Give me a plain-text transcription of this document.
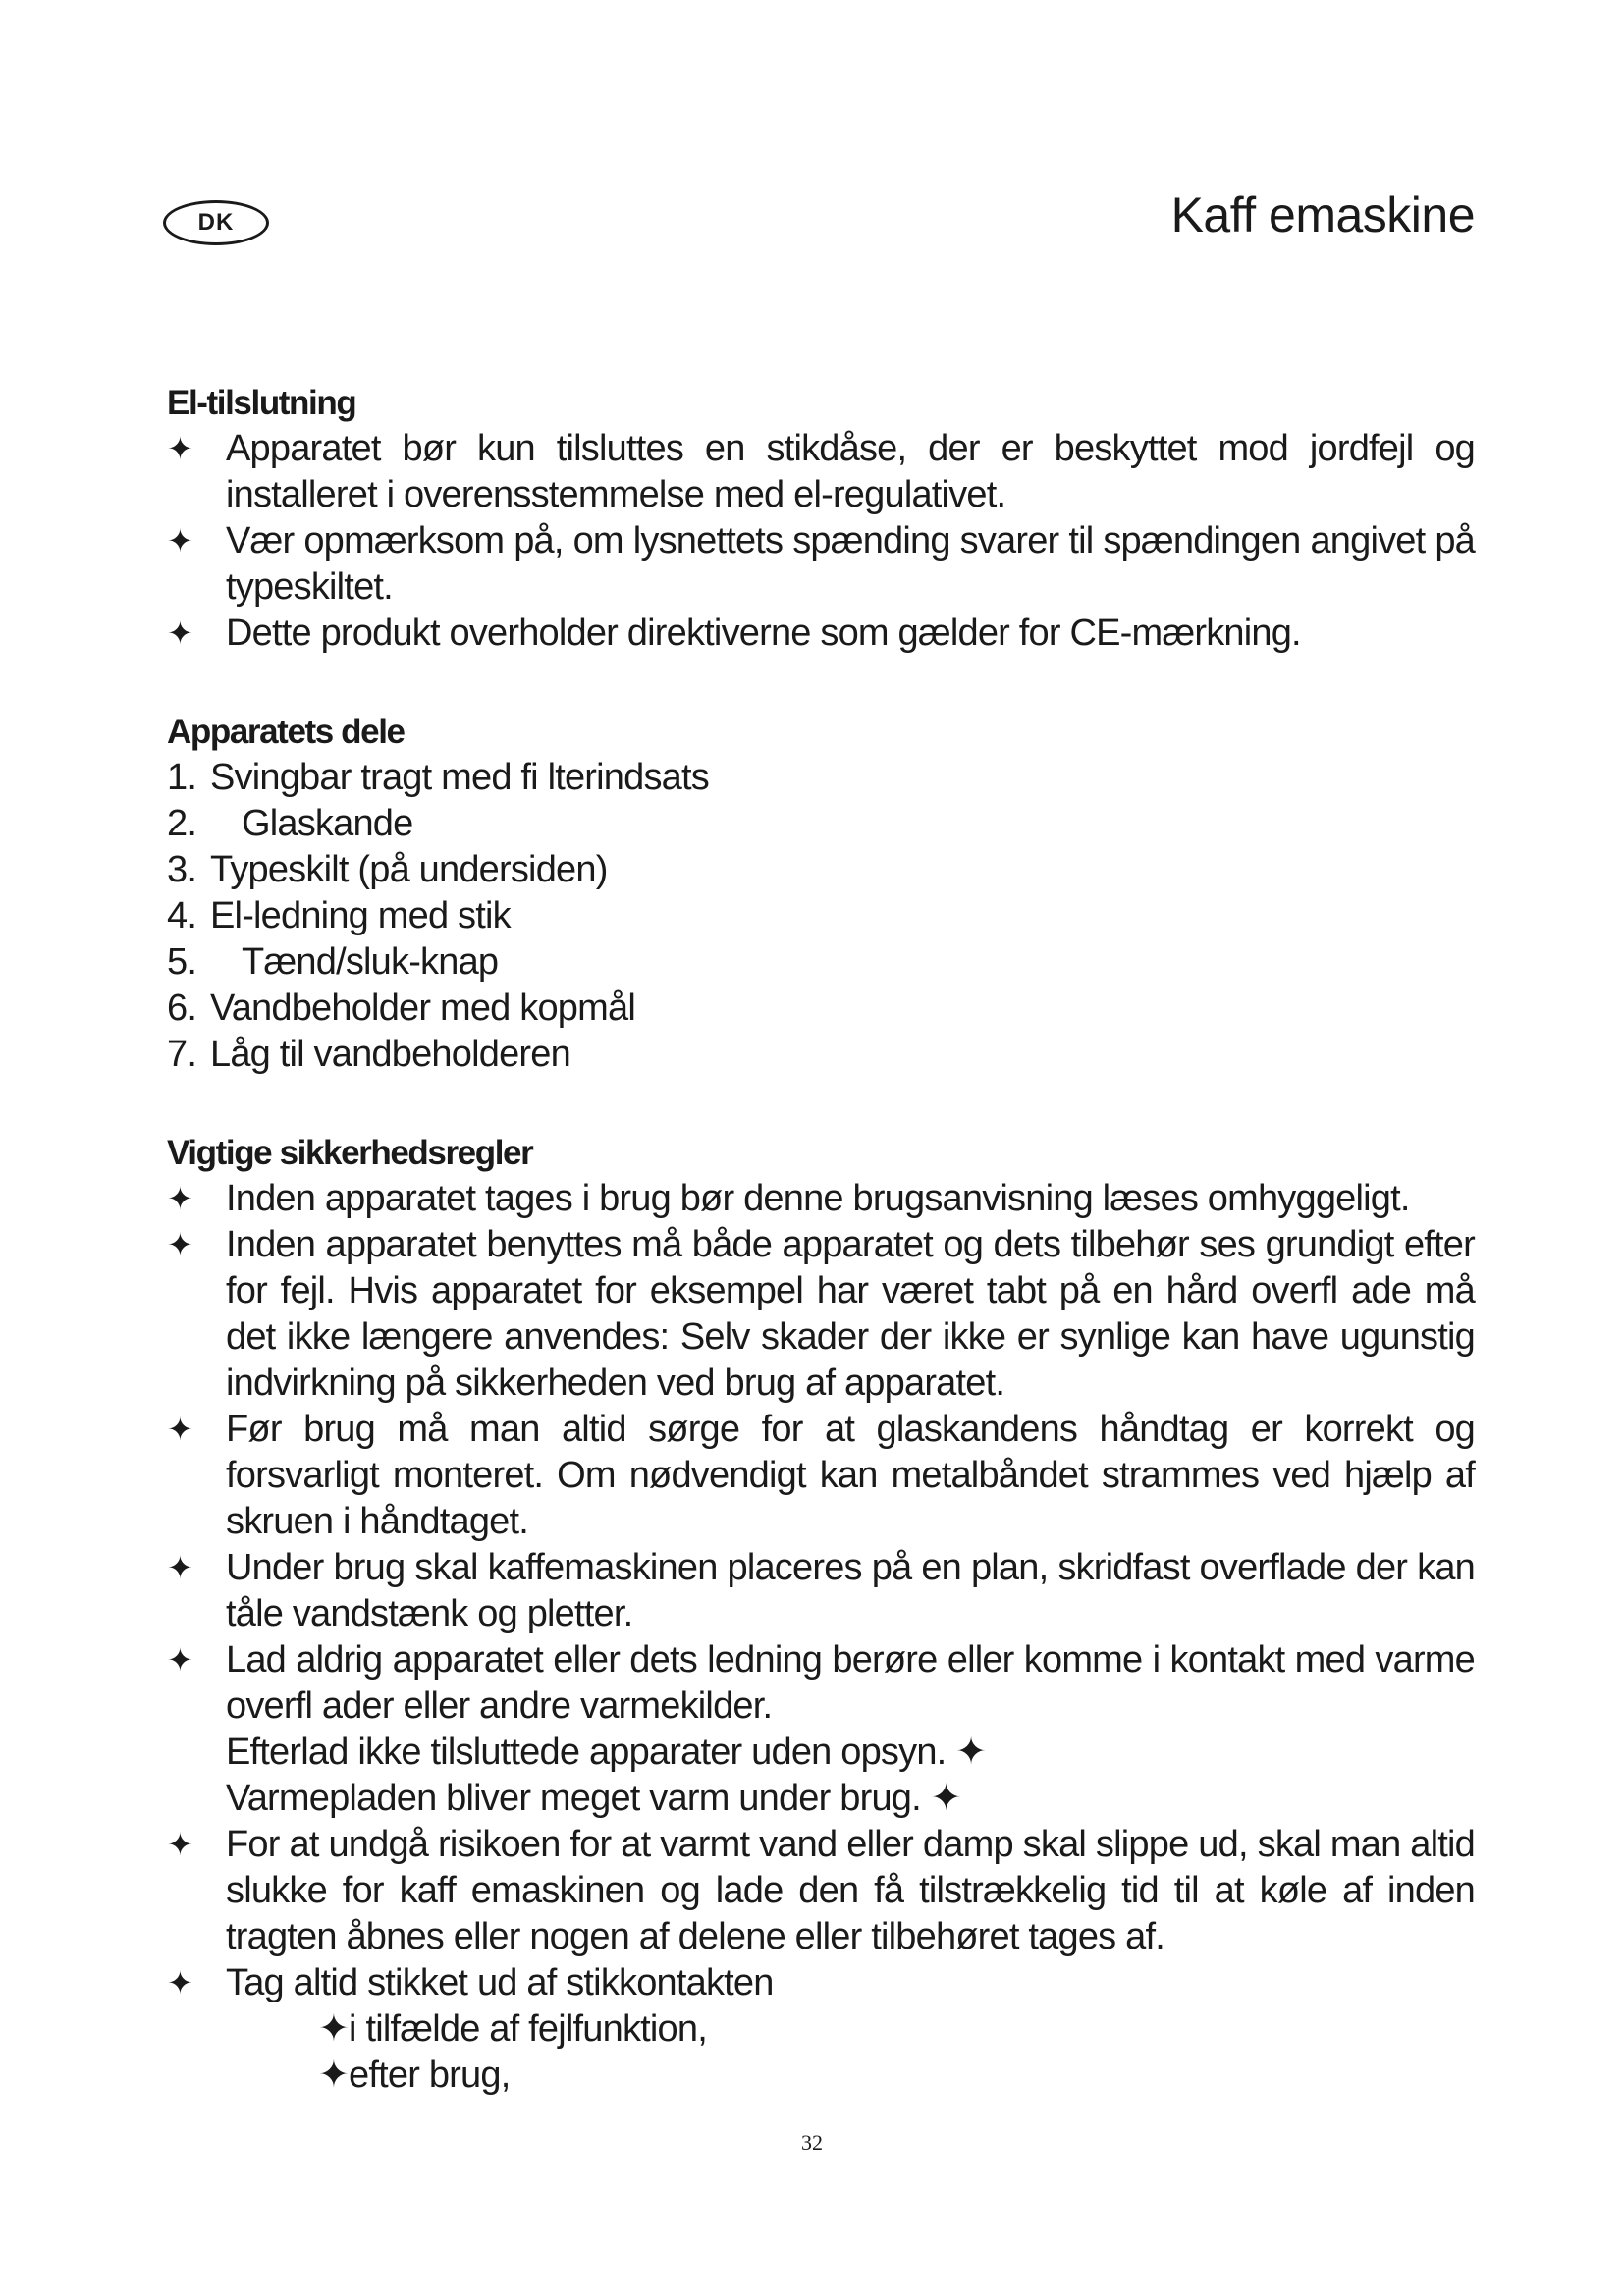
DK	Kaff emaskine
El-tilslutning
✦ Apparatet bør kun tilsluttes en stikdåse, der er beskyttet mod jordfejl og installeret i overensstemmelse med el-regulativet.
✦ Vær opmærksom på, om lysnettets spænding svarer til spændingen angivet på typeskiltet.
✦ Dette produkt overholder direktiverne som gælder for CE-mærkning.
Apparatets dele
1. Svingbar tragt med fi lterindsats
2.	Glaskande
3. Typeskilt (på undersiden)
4. El-ledning med stik
5.	Tænd/sluk-knap
6. Vandbeholder med kopmål
7. Låg til vandbeholderen
Vigtige sikkerhedsregler
✦ Inden apparatet tages i brug bør denne brugsanvisning læses omhyggeligt.
✦ Inden apparatet benyttes må både apparatet og dets tilbehør ses grundigt efter for fejl. Hvis apparatet for eksempel har været tabt på en hård overfl ade må det ikke længere anvendes: Selv skader der ikke er synlige kan have ugunstig indvirkning på sikkerheden ved brug af apparatet.
✦ Før brug må man altid sørge for at glaskandens håndtag er korrekt og forsvarligt monteret. Om nødvendigt kan metalbåndet strammes ved hjælp af skruen i håndtaget.
✦ Under brug skal kaffemaskinen placeres på en plan, skridfast overflade der kan tåle vandstænk og pletter.
✦ Lad aldrig apparatet eller dets ledning berøre eller komme i kontakt med varme overfl ader eller andre varmekilder.
Efterlad ikke tilsluttede apparater uden opsyn. ✦
Varmepladen bliver meget varm under brug. ✦
✦ For at undgå risikoen for at varmt vand eller damp skal slippe ud, skal man altid slukke for kaff emaskinen og lade den få tilstrækkelig tid til at køle af inden tragten åbnes eller nogen af delene eller tilbehøret tages af.
✦ Tag altid stikket ud af stikkontakten
✦i tilfælde af fejlfunktion,
✦efter brug,
32
